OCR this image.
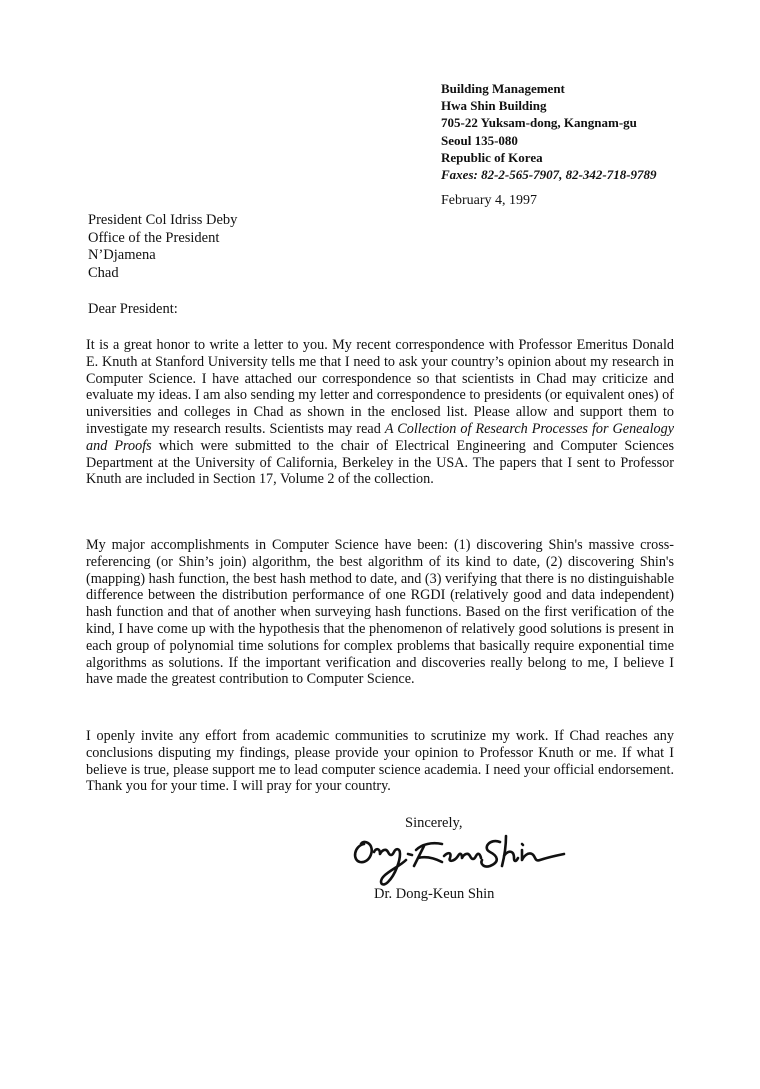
Building Management
Hwa Shin Building
705-22 Yuksam-dong, Kangnam-gu
Seoul 135-080
Republic of Korea
Faxes: 82-2-565-7907, 82-342-718-9789
February 4, 1997
President Col Idriss Deby
Office of the President
N’Djamena
Chad
Dear President:
It is a great honor to write a letter to you. My recent correspondence with Professor Emeritus Donald E. Knuth at Stanford University tells me that I need to ask your country’s opinion about my research in Computer Science. I have attached our correspondence so that scientists in Chad may criticize and evaluate my ideas. I am also sending my letter and correspondence to presidents (or equivalent ones) of universities and colleges in Chad as shown in the enclosed list. Please allow and support them to investigate my research results. Scientists may read A Collection of Research Processes for Genealogy and Proofs which were submitted to the chair of Electrical Engineering and Computer Sciences Department at the University of California, Berkeley in the USA. The papers that I sent to Professor Knuth are included in Section 17, Volume 2 of the collection.
My major accomplishments in Computer Science have been: (1) discovering Shin's massive cross-referencing (or Shin’s join) algorithm, the best algorithm of its kind to date, (2) discovering Shin's (mapping) hash function, the best hash method to date, and (3) verifying that there is no distinguishable difference between the distribution performance of one RGDI (relatively good and data independent) hash function and that of another when surveying hash functions. Based on the first verification of the kind, I have come up with the hypothesis that the phenomenon of relatively good solutions is present in each group of polynomial time solutions for complex problems that basically require exponential time algorithms as solutions. If the important verification and discoveries really belong to me, I believe I have made the greatest contribution to Computer Science.
I openly invite any effort from academic communities to scrutinize my work. If Chad reaches any conclusions disputing my findings, please provide your opinion to Professor Knuth or me. If what I believe is true, please support me to lead computer science academia. I need your official endorsement. Thank you for your time. I will pray for your country.
Sincerely,
Dr. Dong-Keun Shin
